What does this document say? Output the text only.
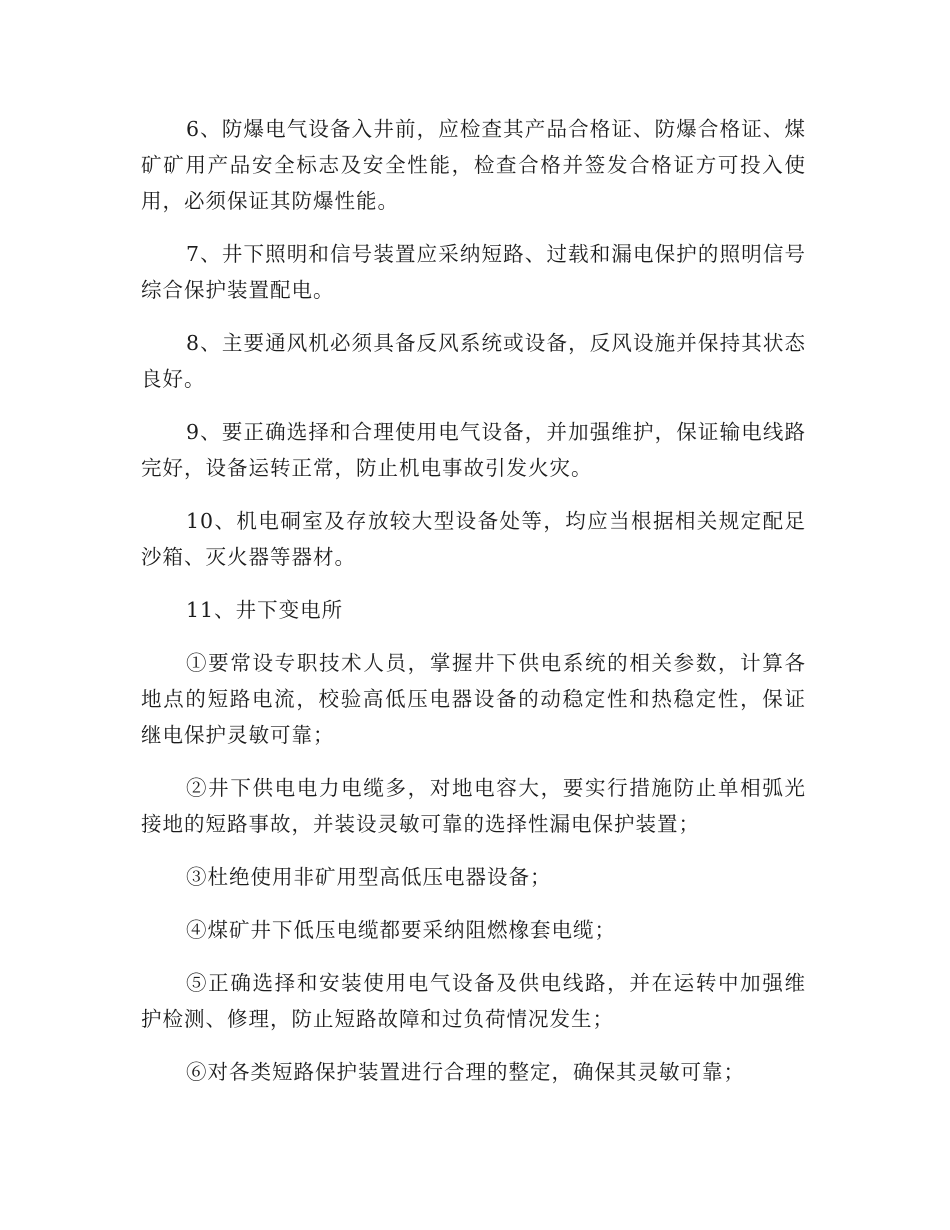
6、防爆电气设备入井前，应检查其产品合格证、防爆合格证、煤矿矿用产品安全标志及安全性能，检查合格并签发合格证方可投入使用，必须保证其防爆性能。

7、井下照明和信号装置应采纳短路、过载和漏电保护的照明信号综合保护装置配电。

8、主要通风机必须具备反风系统或设备，反风设施并保持其状态良好。

9、要正确选择和合理使用电气设备，并加强维护，保证输电线路完好，设备运转正常，防止机电事故引发火灾。

10、机电硐室及存放较大型设备处等，均应当根据相关规定配足沙箱、灭火器等器材。

11、井下变电所

①要常设专职技术人员，掌握井下供电系统的相关参数，计算各地点的短路电流，校验高低压电器设备的动稳定性和热稳定性，保证继电保护灵敏可靠；

②井下供电电力电缆多，对地电容大，要实行措施防止单相弧光接地的短路事故，并装设灵敏可靠的选择性漏电保护装置；

③杜绝使用非矿用型高低压电器设备；

④煤矿井下低压电缆都要采纳阻燃橡套电缆；

⑤正确选择和安装使用电气设备及供电线路，并在运转中加强维护检测、修理，防止短路故障和过负荷情况发生；

⑥对各类短路保护装置进行合理的整定，确保其灵敏可靠；
